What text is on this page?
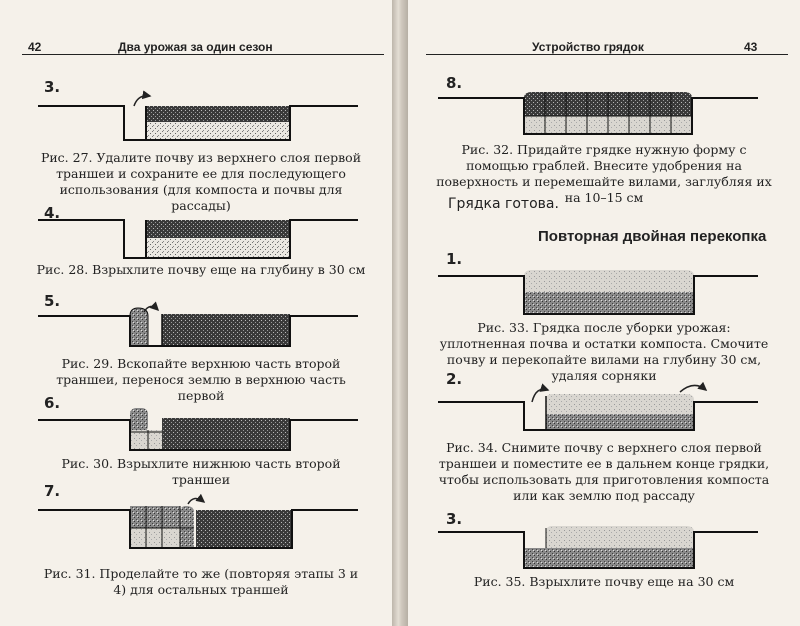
42	Два урожая за один сезон
3.
Рис. 27. Удалите почву из верхнего слоя первой траншеи и сохраните ее для последующего использования (для компоста и почвы для рассады)
4.
Рис. 28. Взрыхлите почву еще на глубину в 30 см
5.
Рис. 29. Вскопайте верхнюю часть второй траншеи, перенося землю в верхнюю часть первой
6.
Рис. 30. Взрыхлите нижнюю часть второй траншеи
7.
Рис. 31. Проделайте то же (повторяя этапы 3 и 4) для остальных траншей
Устройство грядок	43
8.
Рис. 32. Придайте грядке нужную форму с помощью граблей. Внесите удобрения на поверхность и перемешайте вилами, заглубляя их на 10–15 см
Грядка готова.
Повторная двойная перекопка
1.
Рис. 33. Грядка после уборки урожая: уплотненная почва и остатки компоста. Смочите почву и перекопайте вилами на глубину 30 см, удаляя сорняки
2.
Рис. 34. Снимите почву с верхнего слоя первой траншеи и поместите ее в дальнем конце грядки, чтобы использовать для приготовления компоста или как землю под рассаду
3.
Рис. 35. Взрыхлите почву еще на 30 см
